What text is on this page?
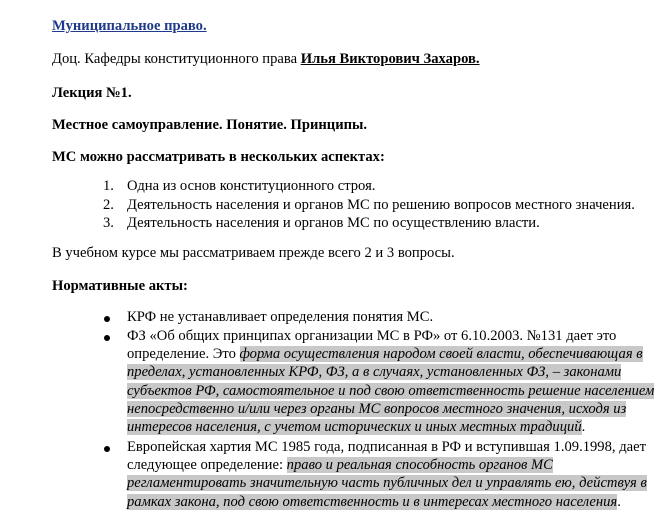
Муниципальное право.
Доц. Кафедры конституционного права Илья Викторович Захаров.
Лекция №1.
Местное самоуправление. Понятие. Принципы.
МС можно рассматривать в нескольких аспектах:
1. Одна из основ конституционного строя.
2. Деятельность населения и органов МС по решению вопросов местного значения.
3. Деятельность населения и органов МС по осуществлению власти.
В учебном курсе мы рассматриваем прежде всего 2 и 3 вопросы.
Нормативные акты:
КРФ не устанавливает определения понятия МС.
ФЗ «Об общих принципах организации МС в РФ» от 6.10.2003. №131 дает это определение. Это форма осуществления народом своей власти, обеспечивающая в пределах, установленных КРФ, ФЗ, а в случаях, установленных ФЗ, – законами субъектов РФ, самостоятельное и под свою ответственность решение населением непосредственно и/или через органы МС вопросов местного значения, исходя из интересов населения, с учетом исторических и иных местных традиций.
Европейская хартия МС 1985 года, подписанная в РФ и вступившая 1.09.1998, дает следующее определение: право и реальная способность органов МС регламентировать значительную часть публичных дел и управлять ею, действуя в рамках закона, под свою ответственность и в интересах местного населения.
